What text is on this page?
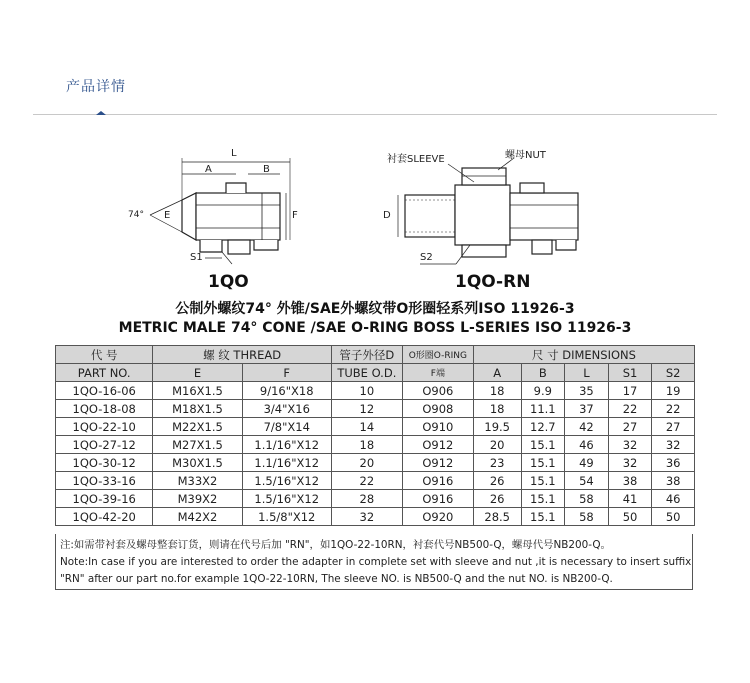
产品详情
L
A	B
74° E	F
S1
1QO
衬套SLEEVE	螺母NUT
D
S2
1QO-RN
公制外螺纹74° 外锥/SAE外螺纹带O形圈轻系列ISO 11926-3
METRIC MALE 74° CONE /SAE O-RING BOSS L-SERIES ISO 11926-3
代 号	螺 纹 THREAD		管子外径D	O形圈O-RING	尺 寸 DIMENSIONS				
PART NO.	E	F	TUBE O.D.	F端	A	B	L	S1	S2
1QO-16-06	M16X1.5	9/16"X18	10	O906	18	9.9	35	17	19
1QO-18-08	M18X1.5	3/4"X16	12	O908	18	11.1	37	22	22
1QO-22-10	M22X1.5	7/8"X14	14	O910	19.5	12.7	42	27	27
1QO-27-12	M27X1.5	1.1/16"X12	18	O912	20	15.1	46	32	32
1QO-30-12	M30X1.5	1.1/16"X12	20	O912	23	15.1	49	32	36
1QO-33-16	M33X2	1.5/16"X12	22	O916	26	15.1	54	38	38
1QO-39-16	M39X2	1.5/16"X12	28	O916	26	15.1	58	41	46
1QO-42-20	M42X2	1.5/8"X12	32	O920	28.5	15.1	58	50	50
注:如需带衬套及螺母整套订货，则请在代号后加 "RN"，如1QO-22-10RN，衬套代号NB500-Q，螺母代号NB200-Q。
Note:In case if you are interested to order the adapter in complete set with sleeve and nut ,it is necessary to insert suffix
"RN" after our part no.for example 1QO-22-10RN, The sleeve NO. is NB500-Q and the nut NO. is NB200-Q.
